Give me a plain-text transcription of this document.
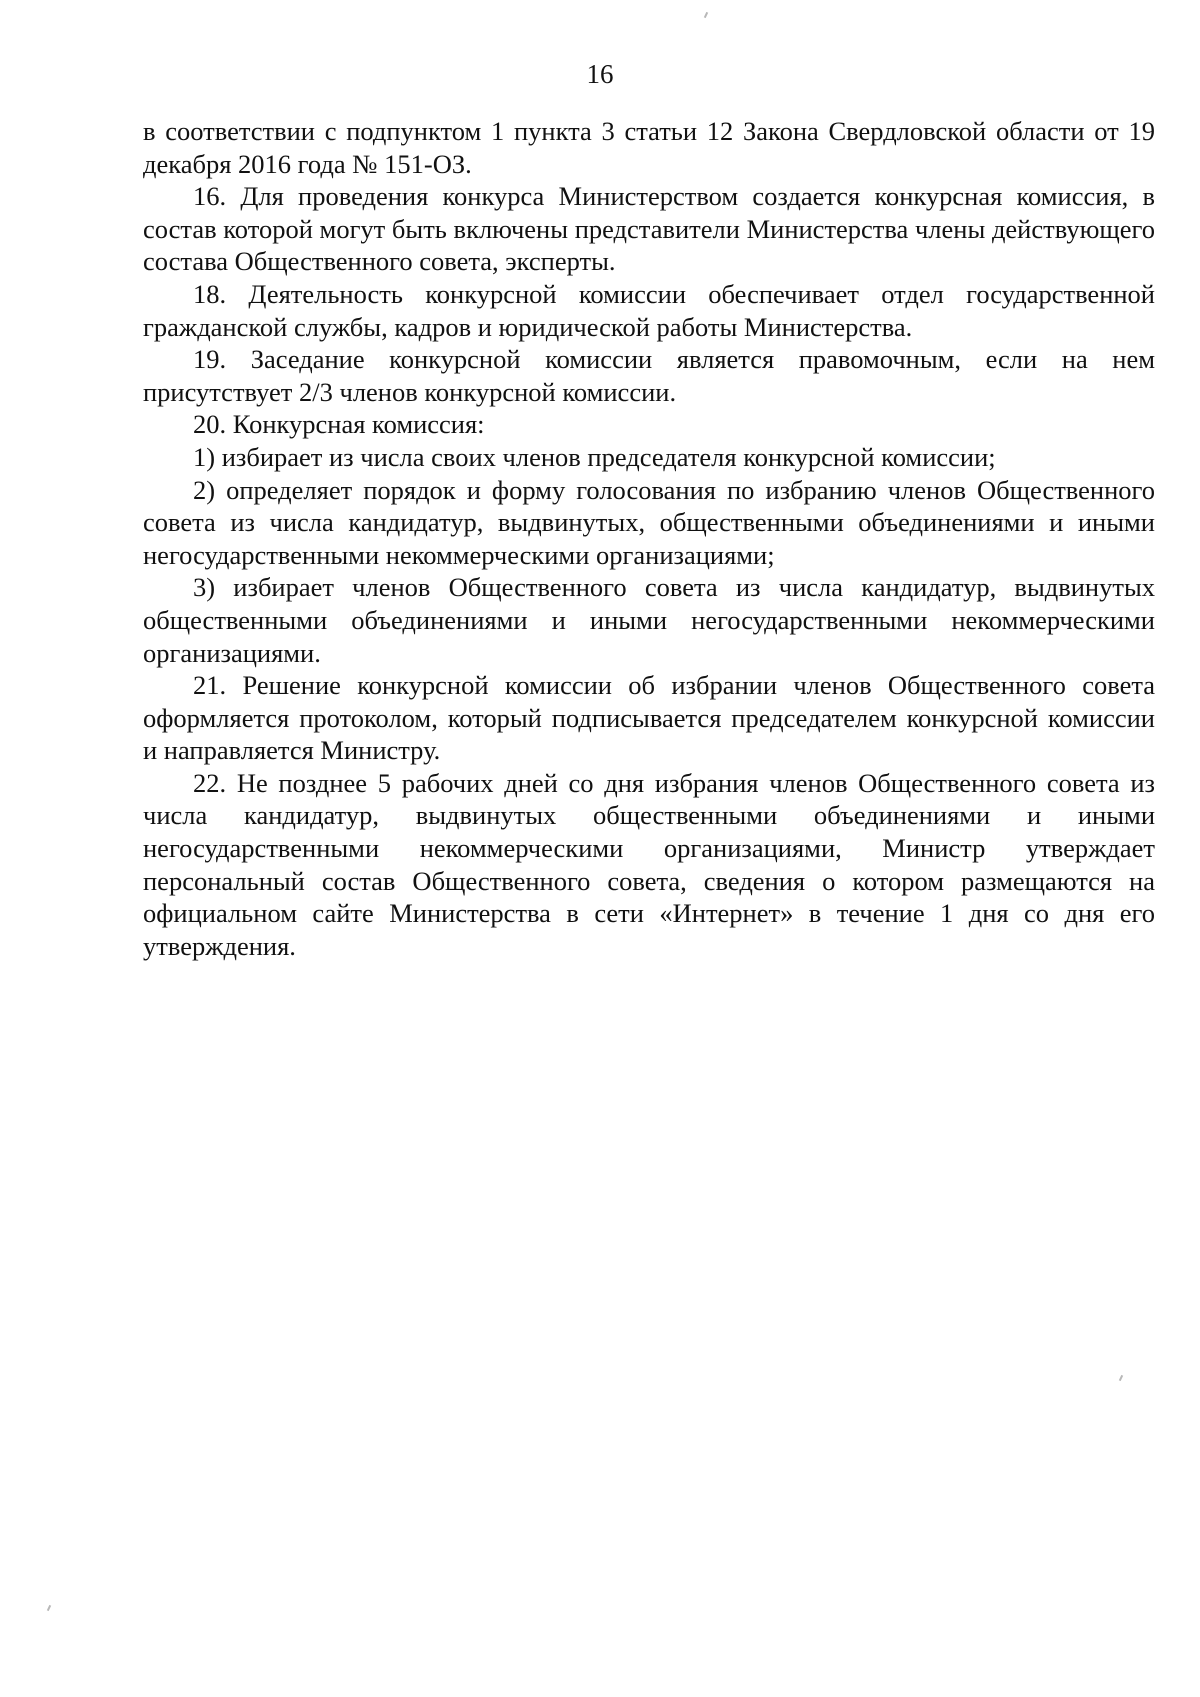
16

в соответствии с подпунктом 1 пункта 3 статьи 12 Закона Свердловской области от 19 декабря 2016 года № 151-ОЗ.

16. Для проведения конкурса Министерством создается конкурсная комиссия, в состав которой могут быть включены представители Министерства члены действующего состава Общественного совета, эксперты.

18. Деятельность конкурсной комиссии обеспечивает отдел государственной гражданской службы, кадров и юридической работы Министерства.

19. Заседание конкурсной комиссии является правомочным, если на нем присутствует 2/3 членов конкурсной комиссии.

20. Конкурсная комиссия:

1) избирает из числа своих членов председателя конкурсной комиссии;

2) определяет порядок и форму голосования по избранию членов Общественного совета из числа кандидатур, выдвинутых, общественными объединениями и иными негосударственными некоммерческими организациями;

3) избирает членов Общественного совета из числа кандидатур, выдвинутых общественными объединениями и иными негосударственными некоммерческими организациями.

21. Решение конкурсной комиссии об избрании членов Общественного совета оформляется протоколом, который подписывается председателем конкурсной комиссии и направляется Министру.

22. Не позднее 5 рабочих дней со дня избрания членов Общественного совета из числа кандидатур, выдвинутых общественными объединениями и иными негосударственными некоммерческими организациями, Министр утверждает персональный состав Общественного совета, сведения о котором размещаются на официальном сайте Министерства в сети «Интернет» в течение 1 дня со дня его утверждения.
